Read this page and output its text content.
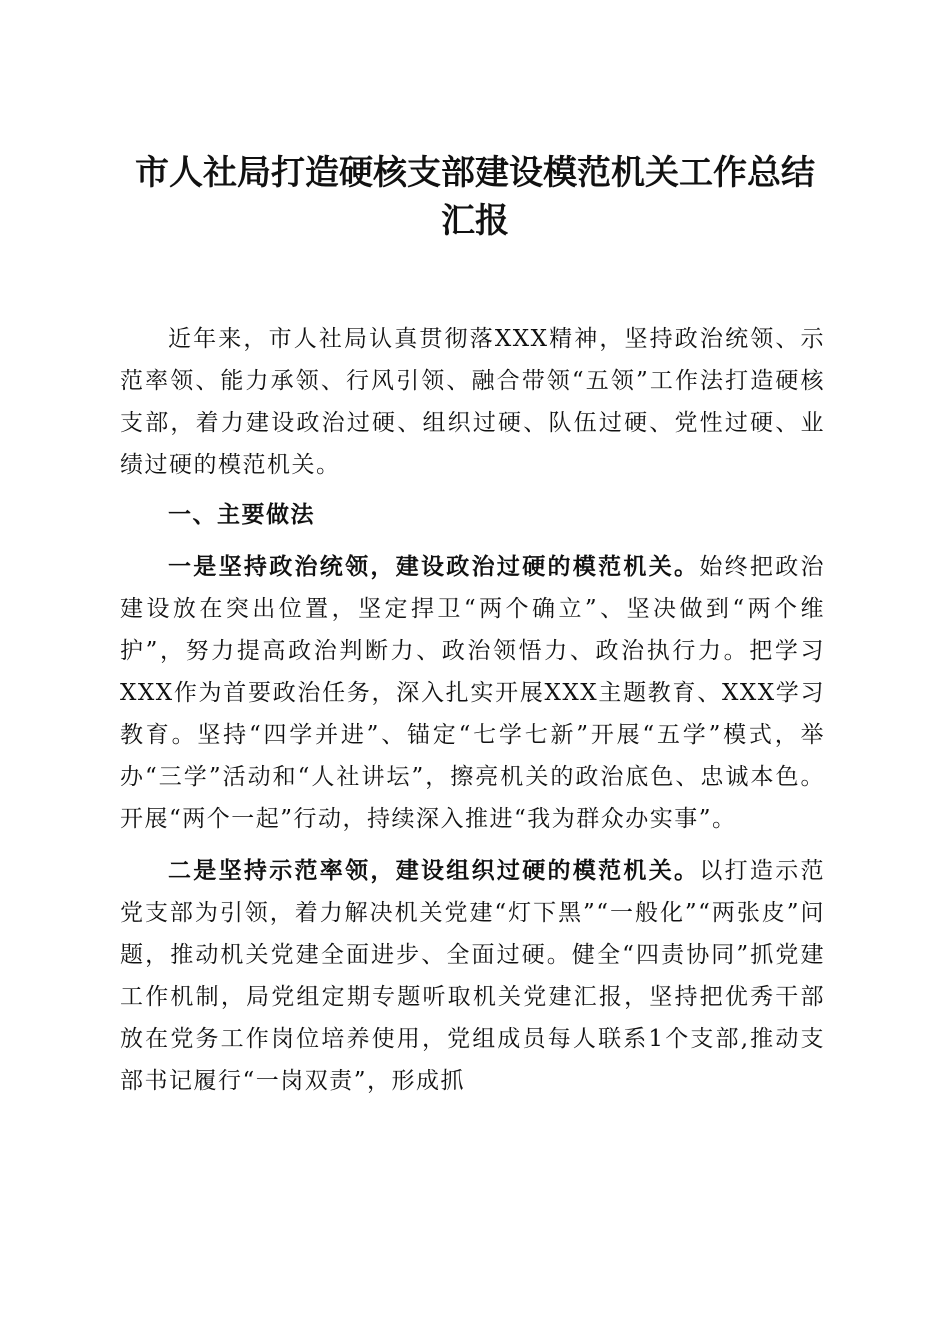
市人社局打造硬核支部建设模范机关工作总结
汇报

近年来，市人社局认真贯彻落XXX精神，坚持政治统领、示范率领、能力承领、行风引领、融合带领“五领”工作法打造硬核支部，着力建设政治过硬、组织过硬、队伍过硬、党性过硬、业绩过硬的模范机关。

一、主要做法

一是坚持政治统领，建设政治过硬的模范机关。始终把政治建设放在突出位置，坚定捍卫“两个确立”、坚决做到“两个维护”，努力提高政治判断力、政治领悟力、政治执行力。把学习XXX作为首要政治任务，深入扎实开展XXX主题教育、XXX学习教育。坚持“四学并进”、锚定“七学七新”开展“五学”模式，举办“三学”活动和“人社讲坛”，擦亮机关的政治底色、忠诚本色。开展“两个一起”行动，持续深入推进“我为群众办实事”。

二是坚持示范率领，建设组织过硬的模范机关。以打造示范党支部为引领，着力解决机关党建“灯下黑”“一般化”“两张皮”问题，推动机关党建全面进步、全面过硬。健全“四责协同”抓党建工作机制，局党组定期专题听取机关党建汇报，坚持把优秀干部放在党务工作岗位培养使用，党组成员每人联系1个支部,推动支部书记履行“一岗双责”，形成抓
